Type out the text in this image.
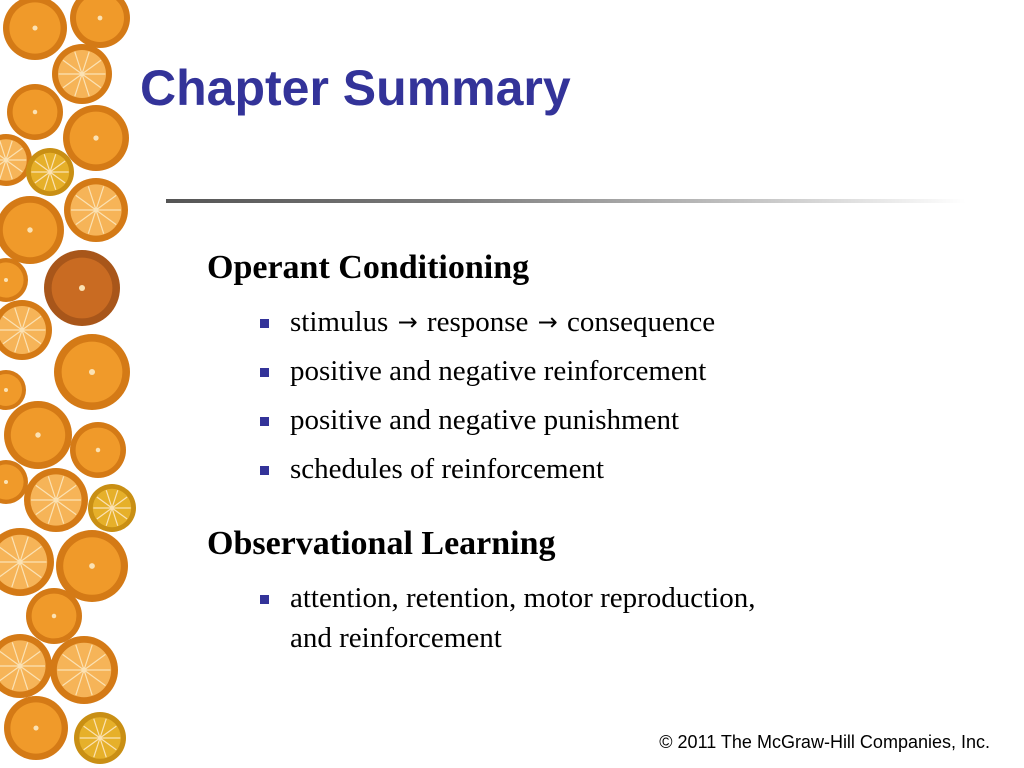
Chapter Summary
Operant Conditioning
stimulus → response → consequence
positive and negative reinforcement
positive and negative punishment
schedules of reinforcement
Observational Learning
attention, retention, motor reproduction,
and reinforcement
© 2011 The McGraw-Hill Companies, Inc.
